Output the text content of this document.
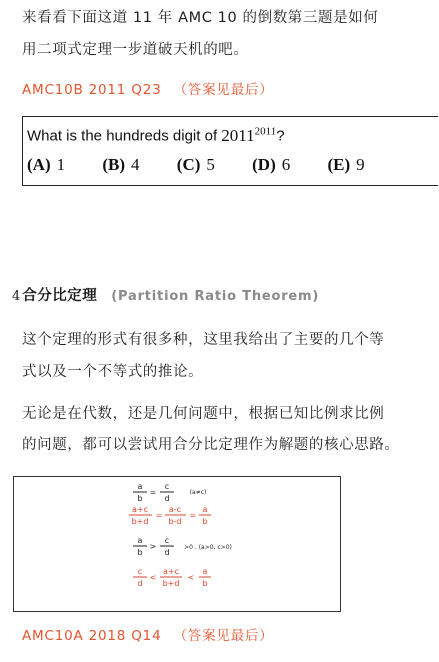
来看看下面这道 11 年 AMC 10 的倒数第三题是如何
用二项式定理一步道破天机的吧。
AMC10B 2011 Q23 （答案见最后）
What is the hundreds digit of $2011^{2011}$?
(A) 1 (B) 4 (C) 5 (D) 6 (E) 9
4 合分比定理 (Partition Ratio Theorem)
这个定理的形式有很多种，这里我给出了主要的几个等
式以及一个不等式的推论。
无论是在代数，还是几何问题中，根据已知比例求比例
的问题，都可以尝试用合分比定理作为解题的核心思路。
a
b
=
c
d
(a≠c)
a+c
b+d
=
a-c
b-d
=
a
b
a
b
>
c
d
>0 . (a>0, c>0)
c
d
<
a+c
b+d
<
a
b
AMC10A 2018 Q14 （答案见最后）
